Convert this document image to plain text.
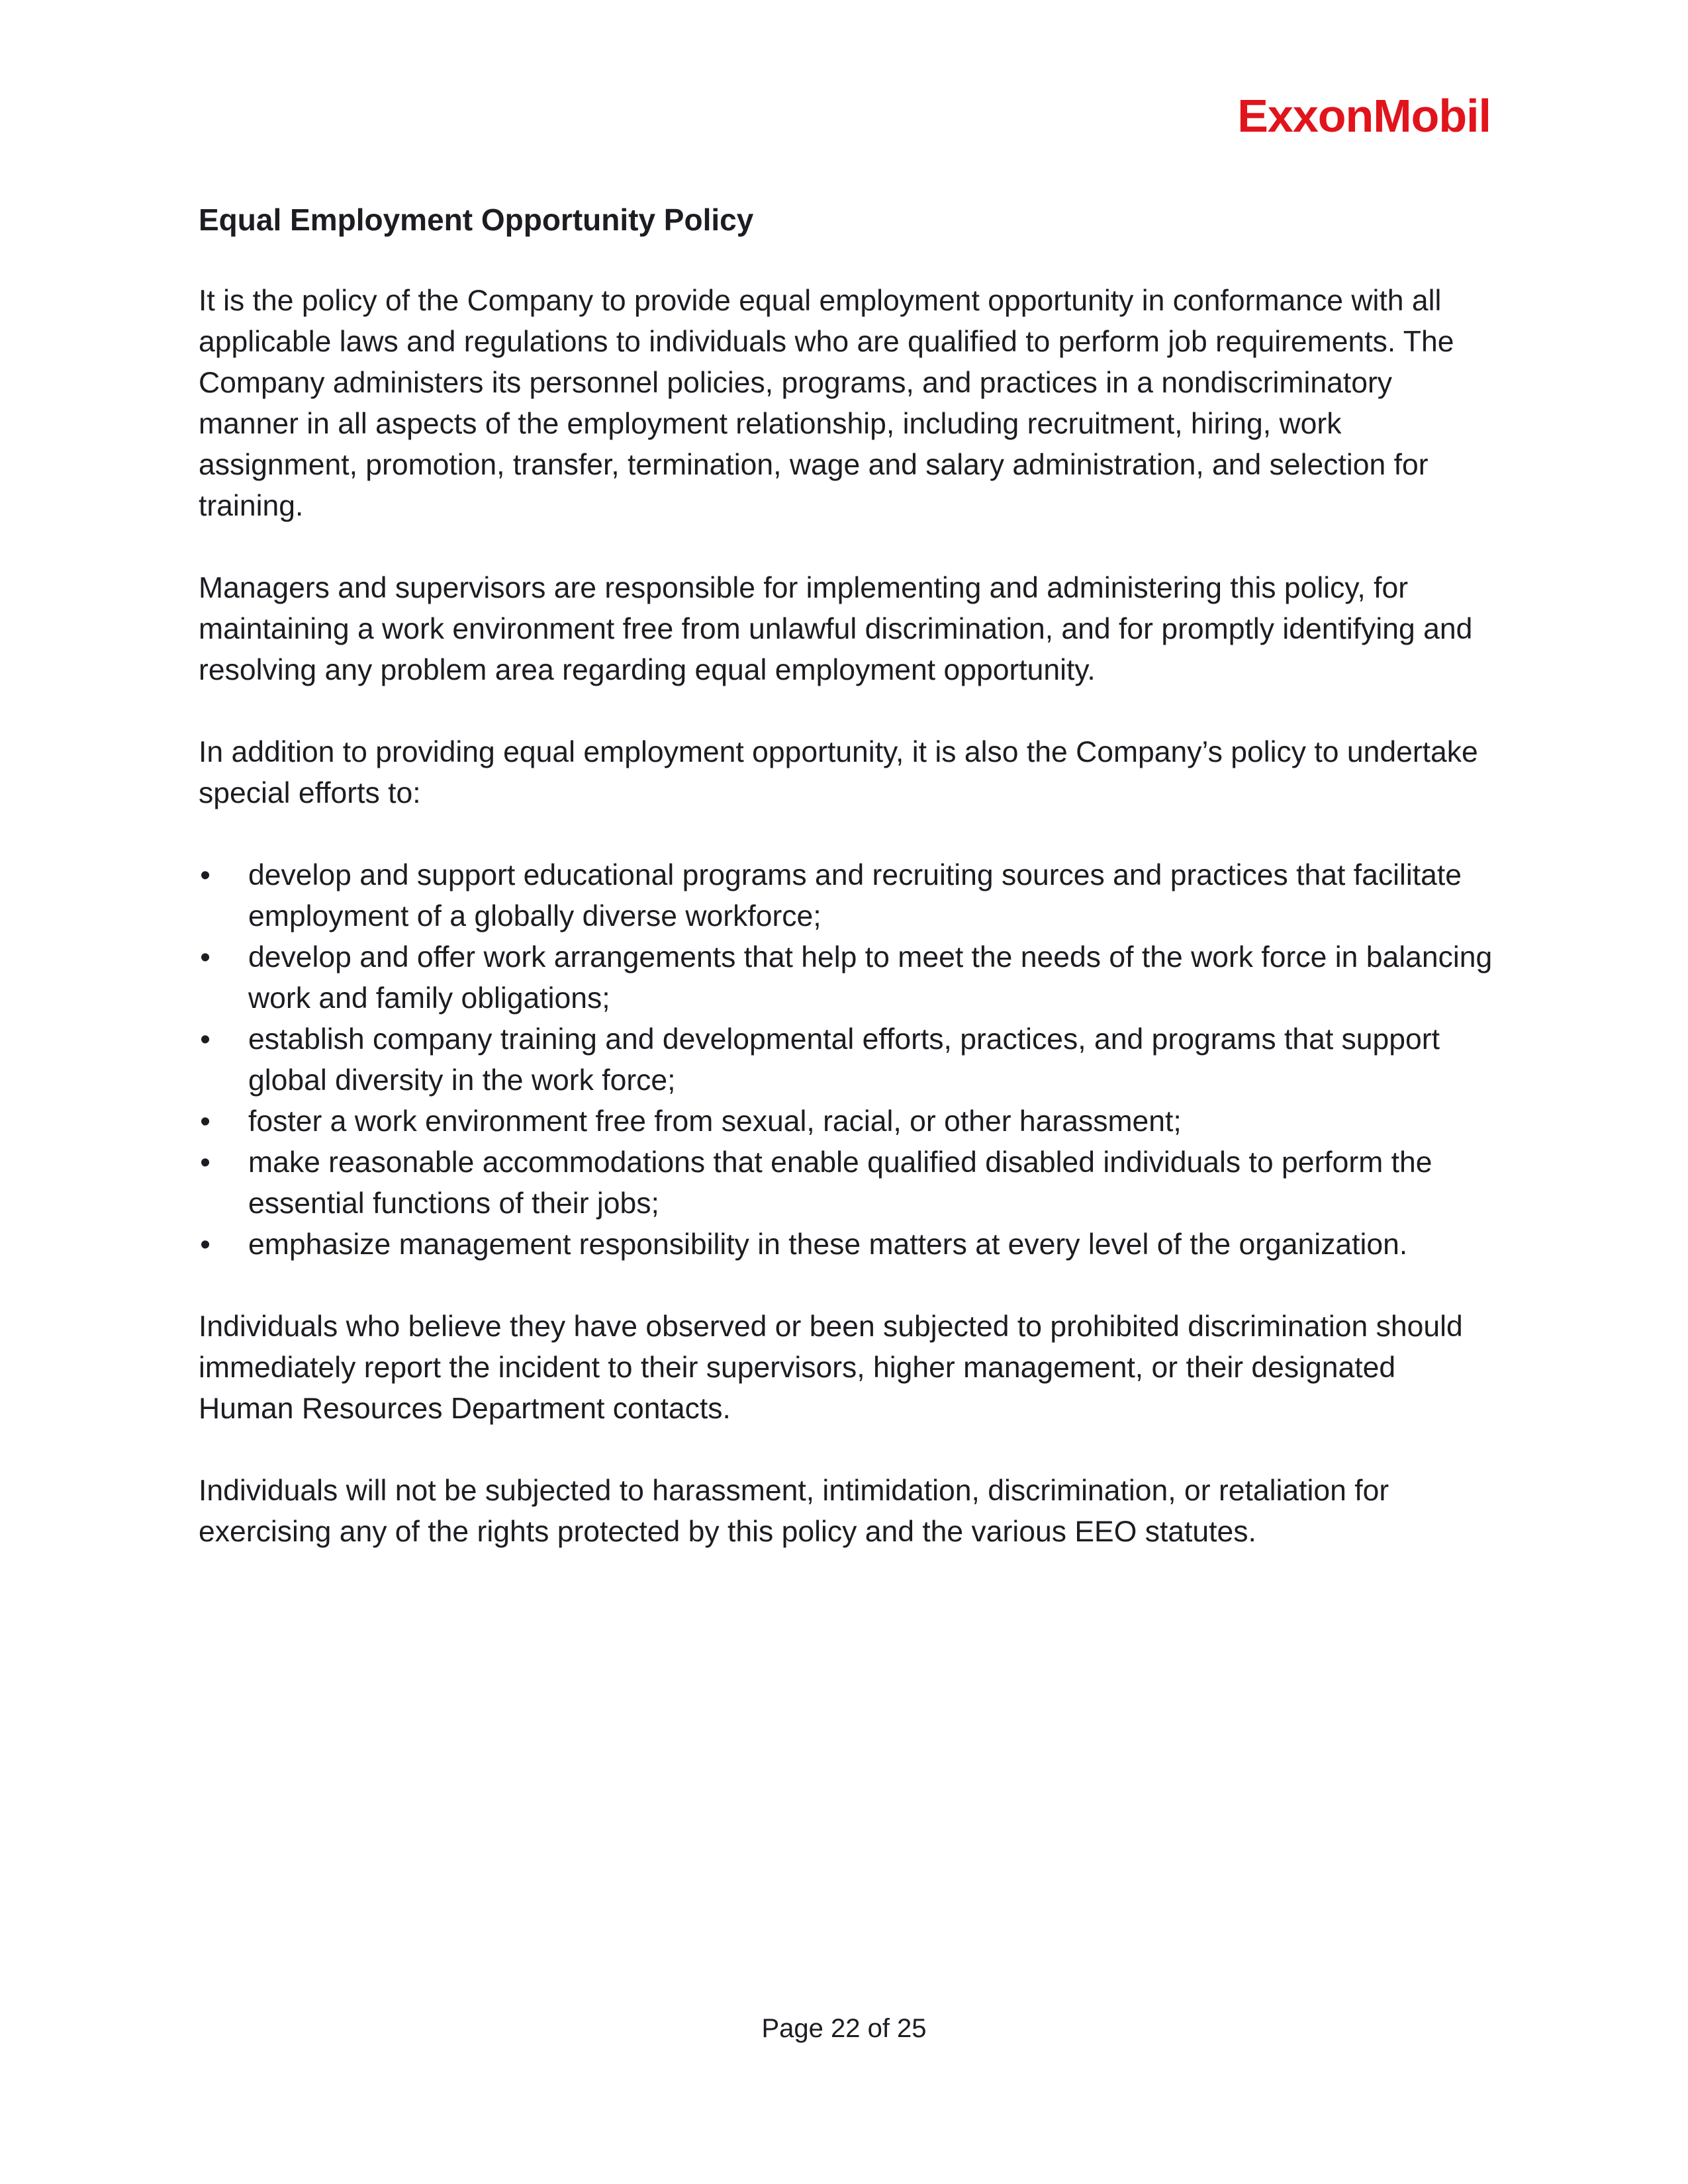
ExxonMobil
Equal Employment Opportunity Policy

It is the policy of the Company to provide equal employment opportunity in conformance with all applicable laws and regulations to individuals who are qualified to perform job requirements. The Company administers its personnel policies, programs, and practices in a nondiscriminatory manner in all aspects of the employment relationship, including recruitment, hiring, work assignment, promotion, transfer, termination, wage and salary administration, and selection for training.

Managers and supervisors are responsible for implementing and administering this policy, for maintaining a work environment free from unlawful discrimination, and for promptly identifying and resolving any problem area regarding equal employment opportunity.

In addition to providing equal employment opportunity, it is also the Company’s policy to undertake special efforts to:

• develop and support educational programs and recruiting sources and practices that facilitate employment of a globally diverse workforce;
• develop and offer work arrangements that help to meet the needs of the work force in balancing work and family obligations;
• establish company training and developmental efforts, practices, and programs that support global diversity in the work force;
• foster a work environment free from sexual, racial, or other harassment;
• make reasonable accommodations that enable qualified disabled individuals to perform the essential functions of their jobs;
• emphasize management responsibility in these matters at every level of the organization.

Individuals who believe they have observed or been subjected to prohibited discrimination should immediately report the incident to their supervisors, higher management, or their designated Human Resources Department contacts.

Individuals will not be subjected to harassment, intimidation, discrimination, or retaliation for exercising any of the rights protected by this policy and the various EEO statutes.

Page 22 of 25
